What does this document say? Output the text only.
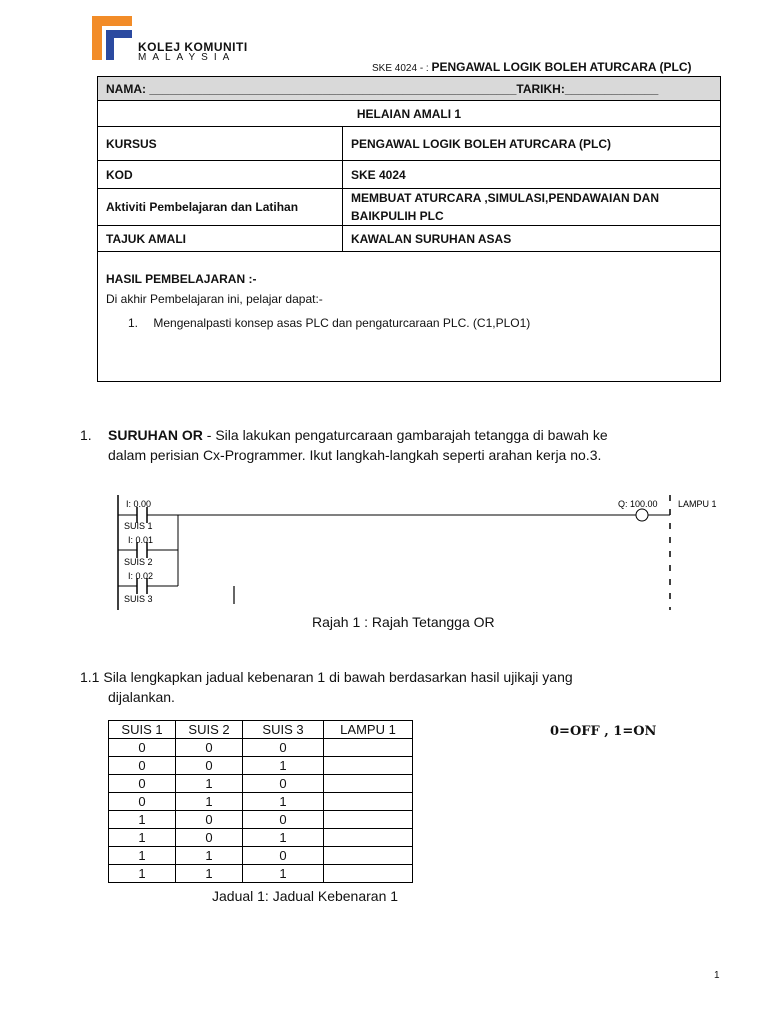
KOLEJ KOMUNITI
MALAYSIA
SKE 4024 - : PENGAWAL LOGIK BOLEH ATURCARA (PLC)
NAMA: _______________________________________________________TARIKH:______________	
HELAIAN AMALI 1	
KURSUS	PENGAWAL LOGIK BOLEH ATURCARA (PLC)
KOD	SKE 4024
Aktiviti Pembelajaran dan Latihan	MEMBUAT ATURCARA ,SIMULASI,PENDAWAIAN DAN BAIKPULIH PLC
TAJUK AMALI	KAWALAN SURUHAN ASAS

HASIL PEMBELAJARAN :-
Di akhir Pembelajaran ini, pelajar dapat:-
1. Mengenalpasti konsep asas PLC dan pengaturcaraan PLC. (C1,PLO1)	
1. SURUHAN OR - Sila lakukan pengaturcaraan gambarajah tetangga di bawah ke
dalam perisian Cx-Programmer. Ikut langkah-langkah seperti arahan kerja no.3.
I: 0.00
SUIS 1
I: 0.01
SUIS 2
I: 0.02
SUIS 3
Q: 100.00 LAMPU 1
Rajah 1 : Rajah Tetangga OR
1.1 Sila lengkapkan jadual kebenaran 1 di bawah berdasarkan hasil ujikaji yang
dijalankan.
SUIS 1	SUIS 2	SUIS 3	LAMPU 1
0	0	0	
0	0	1	
0	1	0	
0	1	1	
1	0	0	
1	0	1	
1	1	0	
1	1	1	
Jadual 1: Jadual Kebenaran 1
0=OFF , 1=ON
1
